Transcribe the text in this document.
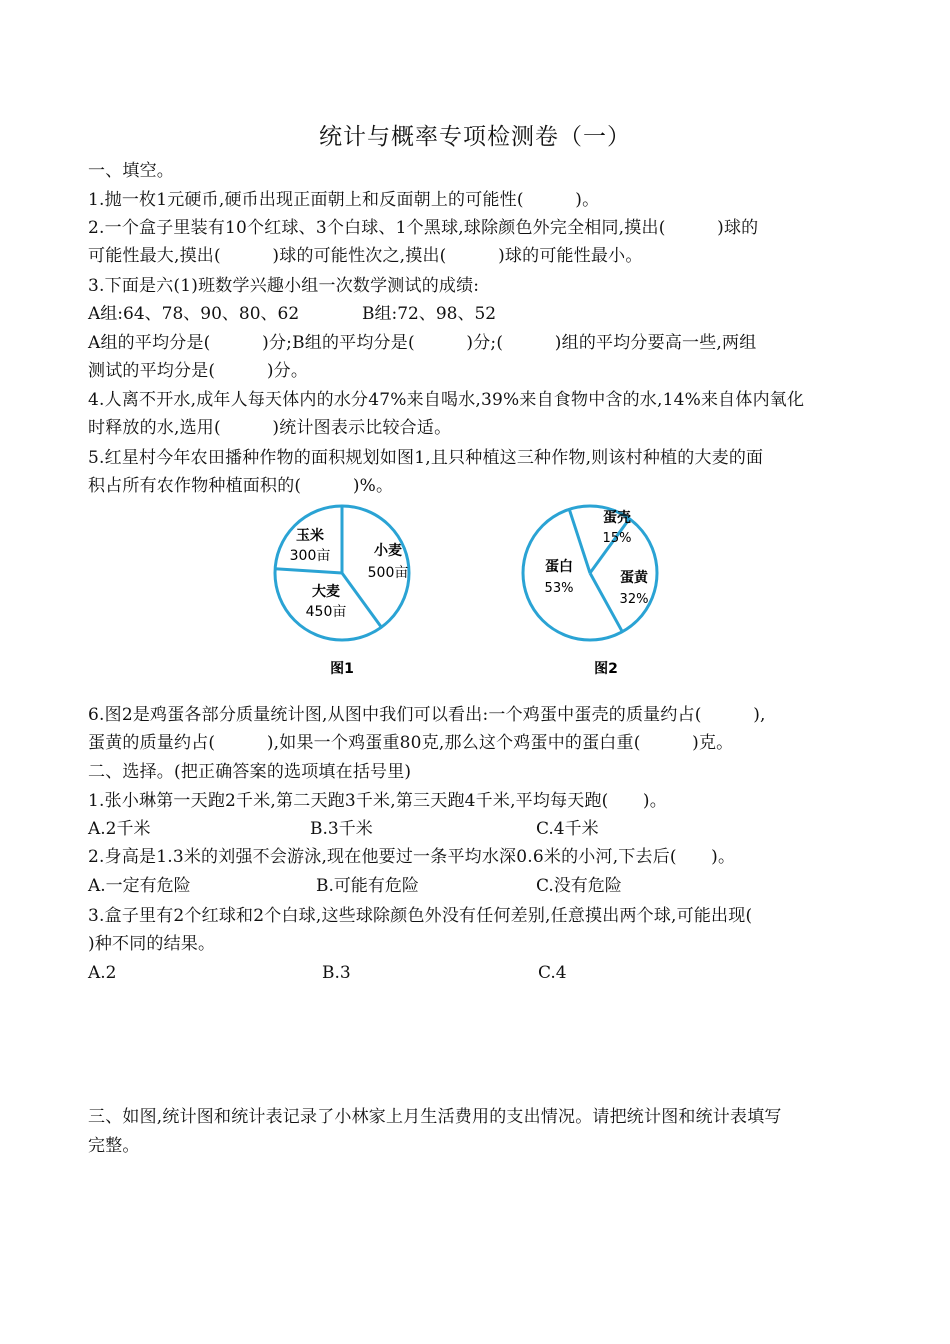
统计与概率专项检测卷（一）
一、填空。
1.抛一枚1元硬币,硬币出现正面朝上和反面朝上的可能性(　　　)。
2.一个盒子里装有10个红球、3个白球、1个黑球,球除颜色外完全相同,摸出(　　　)球的
可能性最大,摸出(　　　)球的可能性次之,摸出(　　　)球的可能性最小。
3.下面是六(1)班数学兴趣小组一次数学测试的成绩:
A组:64、78、90、80、62	B组:72、98、52
A组的平均分是(　　　)分;B组的平均分是(　　　)分;(　　　)组的平均分要高一些,两组
测试的平均分是(　　　)分。
4.人离不开水,成年人每天体内的水分47%来自喝水,39%来自食物中含的水,14%来自体内氧化
时释放的水,选用(　　　)统计图表示比较合适。
5.红星村今年农田播种作物的面积规划如图1,且只种植这三种作物,则该村种植的大麦的面
积占所有农作物种植面积的(　　　)%。
玉米
300亩	小麦
500亩
大麦
450亩
图1
蛋壳
15%
蛋黄
32%
蛋白
53%
图2
6.图2是鸡蛋各部分质量统计图,从图中我们可以看出:一个鸡蛋中蛋壳的质量约占(　　　),
蛋黄的质量约占(　　　),如果一个鸡蛋重80克,那么这个鸡蛋中的蛋白重(　　　)克。
二、选择。(把正确答案的选项填在括号里)
1.张小琳第一天跑2千米,第二天跑3千米,第三天跑4千米,平均每天跑(　　)。
A.2千米	B.3千米	C.4千米
2.身高是1.3米的刘强不会游泳,现在他要过一条平均水深0.6米的小河,下去后(　　)。
A.一定有危险	B.可能有危险	C.没有危险
3.盒子里有2个红球和2个白球,这些球除颜色外没有任何差别,任意摸出两个球,可能出现(
)种不同的结果。
A.2	B.3	C.4
三、如图,统计图和统计表记录了小林家上月生活费用的支出情况。请把统计图和统计表填写
完整。
